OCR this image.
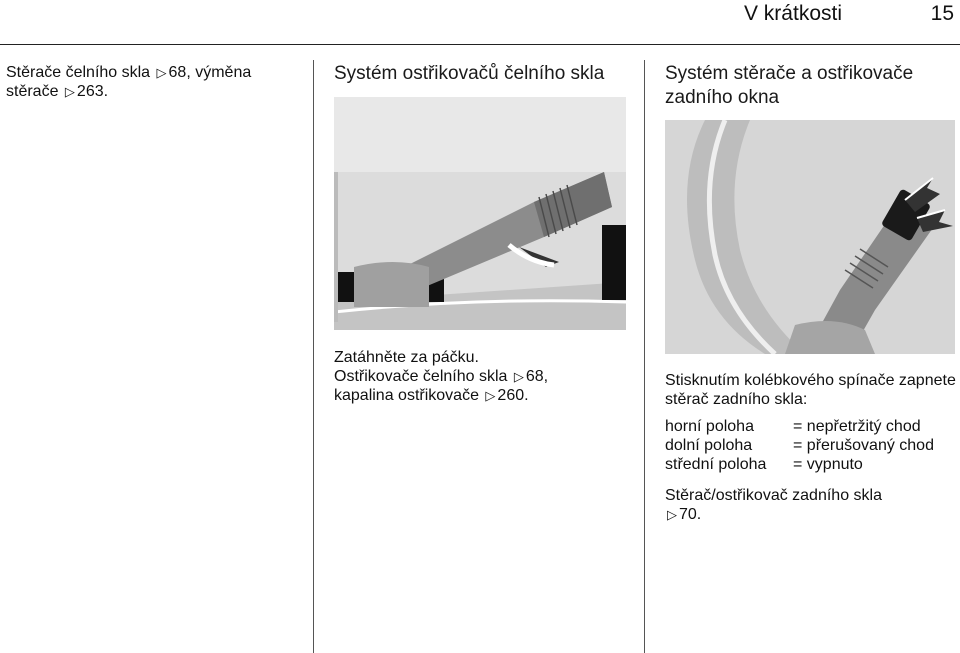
V krátkosti	15
Stěrače čelního skla ▷ 68, výměna
stěrače ▷ 263.
Systém ostřikovačů čelního skla
Zatáhněte za páčku.
Ostřikovače čelního skla ▷ 68,
kapalina ostřikovače ▷ 260.
Systém stěrače a ostřikovače zadního okna
Stisknutím kolébkového spínače zapnete stěrač zadního skla:
horní poloha	= nepřetržitý chod
dolní poloha	= přerušovaný chod
střední poloha	= vypnuto
Stěrač/ostřikovač zadního skla
▷ 70.
